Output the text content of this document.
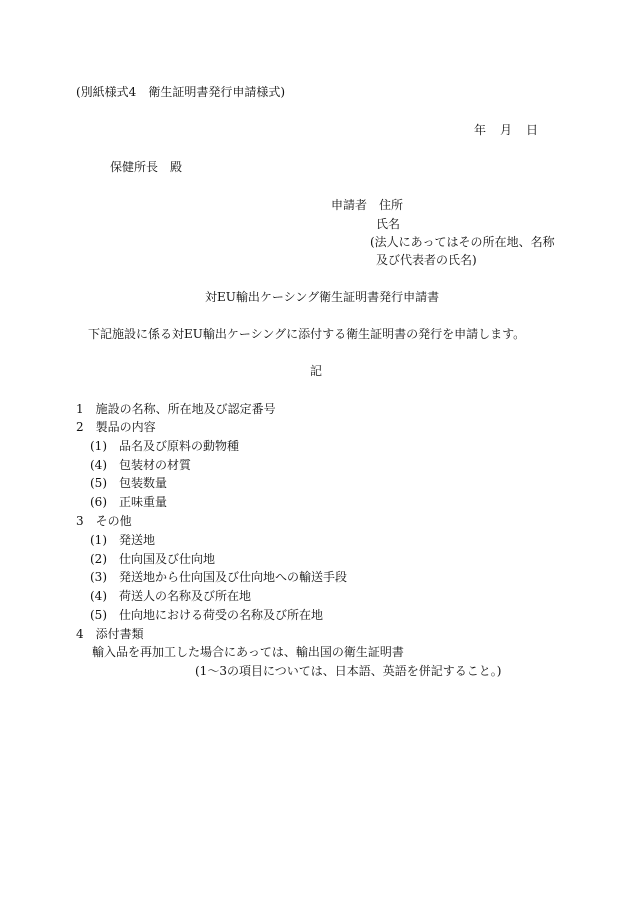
(別紙様式4　衛生証明書発行申請様式)
年　月　日
保健所長　殿
申請者　住所
氏名
(法人にあってはその所在地、名称
及び代表者の氏名)
対EU輸出ケーシング衛生証明書発行申請書
下記施設に係る対EU輸出ケーシングに添付する衛生証明書の発行を申請します。
記
1　施設の名称、所在地及び認定番号
2　製品の内容
(1)　品名及び原料の動物種
(4)　包装材の材質
(5)　包装数量
(6)　正味重量
3　その他
(1)　発送地
(2)　仕向国及び仕向地
(3)　発送地から仕向国及び仕向地への輸送手段
(4)　荷送人の名称及び所在地
(5)　仕向地における荷受の名称及び所在地
4　添付書類
輸入品を再加工した場合にあっては、輸出国の衛生証明書
(1～3の項目については、日本語、英語を併記すること。)
